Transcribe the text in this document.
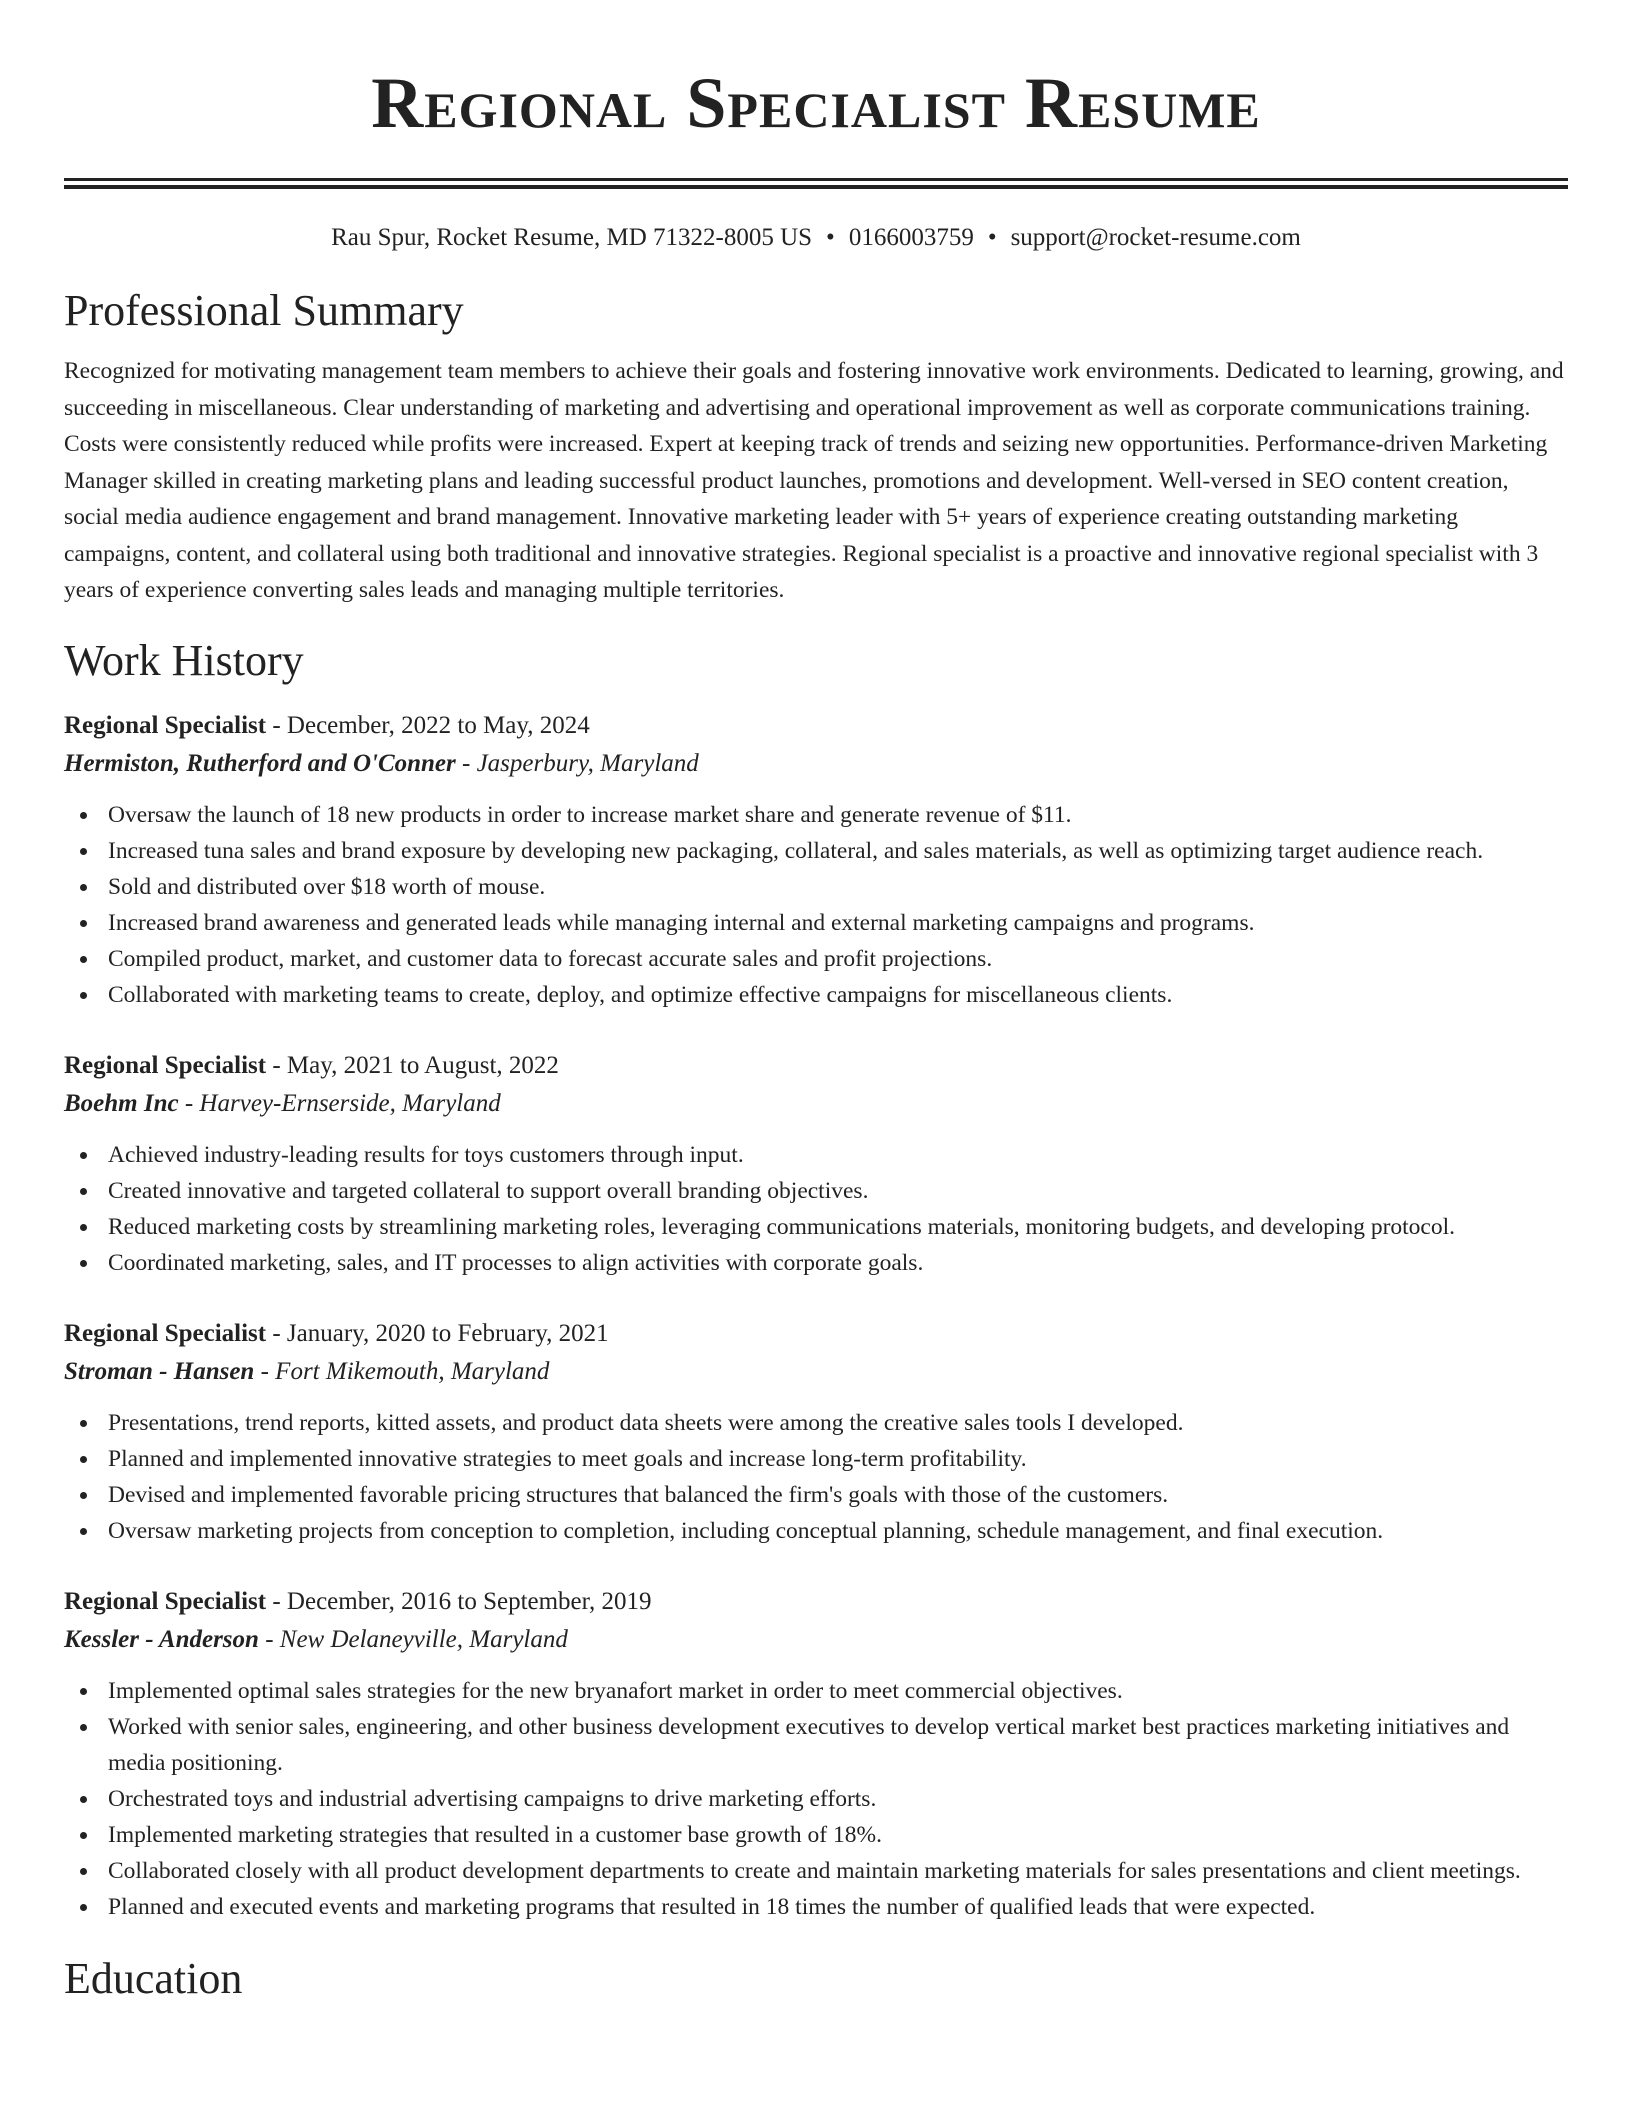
Regional Specialist Resume
Rau Spur, Rocket Resume, MD 71322-8005 US • 0166003759 • support@rocket-resume.com
Professional Summary

Recognized for motivating management team members to achieve their goals and fostering innovative work environments. Dedicated to learning, growing, and succeeding in miscellaneous. Clear understanding of marketing and advertising and operational improvement as well as corporate communications training. Costs were consistently reduced while profits were increased. Expert at keeping track of trends and seizing new opportunities. Performance-driven Marketing Manager skilled in creating marketing plans and leading successful product launches, promotions and development. Well-versed in SEO content creation, social media audience engagement and brand management. Innovative marketing leader with 5+ years of experience creating outstanding marketing campaigns, content, and collateral using both traditional and innovative strategies. Regional specialist is a proactive and innovative regional specialist with 3 years of experience converting sales leads and managing multiple territories.

Work History
Regional Specialist - December, 2022 to May, 2024
Hermiston, Rutherford and O'Conner - Jasperbury, Maryland
Oversaw the launch of 18 new products in order to increase market share and generate revenue of $11.
Increased tuna sales and brand exposure by developing new packaging, collateral, and sales materials, as well as optimizing target audience reach.
Sold and distributed over $18 worth of mouse.
Increased brand awareness and generated leads while managing internal and external marketing campaigns and programs.
Compiled product, market, and customer data to forecast accurate sales and profit projections.
Collaborated with marketing teams to create, deploy, and optimize effective campaigns for miscellaneous clients.
Regional Specialist - May, 2021 to August, 2022
Boehm Inc - Harvey-Ernserside, Maryland
Achieved industry-leading results for toys customers through input.
Created innovative and targeted collateral to support overall branding objectives.
Reduced marketing costs by streamlining marketing roles, leveraging communications materials, monitoring budgets, and developing protocol.
Coordinated marketing, sales, and IT processes to align activities with corporate goals.
Regional Specialist - January, 2020 to February, 2021
Stroman - Hansen - Fort Mikemouth, Maryland
Presentations, trend reports, kitted assets, and product data sheets were among the creative sales tools I developed.
Planned and implemented innovative strategies to meet goals and increase long-term profitability.
Devised and implemented favorable pricing structures that balanced the firm's goals with those of the customers.
Oversaw marketing projects from conception to completion, including conceptual planning, schedule management, and final execution.
Regional Specialist - December, 2016 to September, 2019
Kessler - Anderson - New Delaneyville, Maryland
Implemented optimal sales strategies for the new bryanafort market in order to meet commercial objectives.
Worked with senior sales, engineering, and other business development executives to develop vertical market best practices marketing initiatives and media positioning.
Orchestrated toys and industrial advertising campaigns to drive marketing efforts.
Implemented marketing strategies that resulted in a customer base growth of 18%.
Collaborated closely with all product development departments to create and maintain marketing materials for sales presentations and client meetings.
Planned and executed events and marketing programs that resulted in 18 times the number of qualified leads that were expected.
Education
